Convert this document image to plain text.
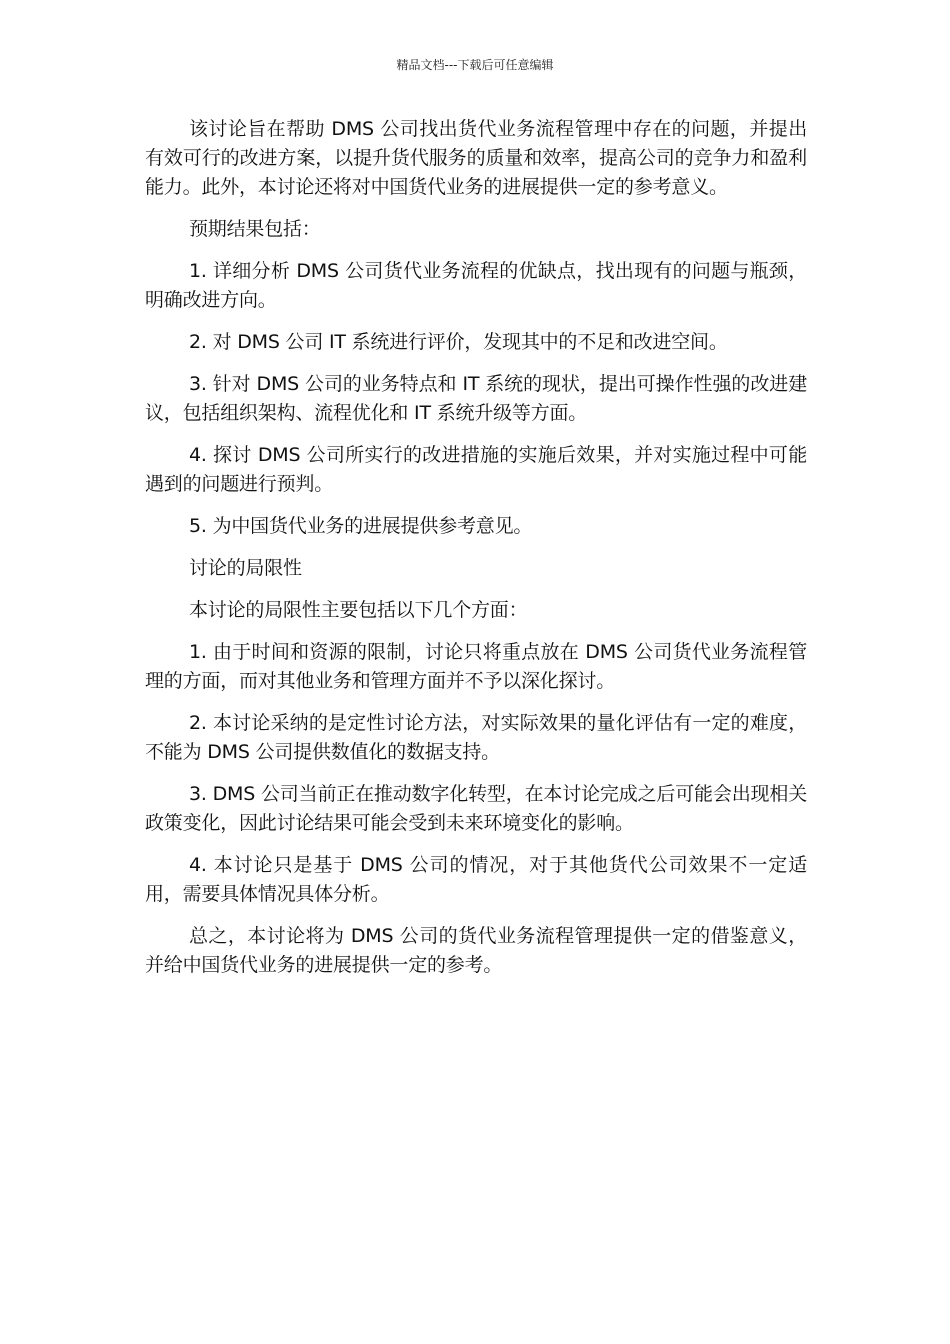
精品文档---下载后可任意编辑

该讨论旨在帮助 DMS 公司找出货代业务流程管理中存在的问题，并提出有效可行的改进方案，以提升货代服务的质量和效率，提高公司的竞争力和盈利能力。此外，本讨论还将对中国货代业务的进展提供一定的参考意义。

预期结果包括：

1. 详细分析 DMS 公司货代业务流程的优缺点，找出现有的问题与瓶颈，明确改进方向。

2. 对 DMS 公司 IT 系统进行评价，发现其中的不足和改进空间。

3. 针对 DMS 公司的业务特点和 IT 系统的现状，提出可操作性强的改进建议，包括组织架构、流程优化和 IT 系统升级等方面。

4. 探讨 DMS 公司所实行的改进措施的实施后效果，并对实施过程中可能遇到的问题进行预判。

5. 为中国货代业务的进展提供参考意见。

讨论的局限性

本讨论的局限性主要包括以下几个方面：

1. 由于时间和资源的限制，讨论只将重点放在 DMS 公司货代业务流程管理的方面，而对其他业务和管理方面并不予以深化探讨。

2. 本讨论采纳的是定性讨论方法，对实际效果的量化评估有一定的难度，不能为 DMS 公司提供数值化的数据支持。

3. DMS 公司当前正在推动数字化转型，在本讨论完成之后可能会出现相关政策变化，因此讨论结果可能会受到未来环境变化的影响。

4. 本讨论只是基于 DMS 公司的情况，对于其他货代公司效果不一定适用，需要具体情况具体分析。

总之，本讨论将为 DMS 公司的货代业务流程管理提供一定的借鉴意义，并给中国货代业务的进展提供一定的参考。
